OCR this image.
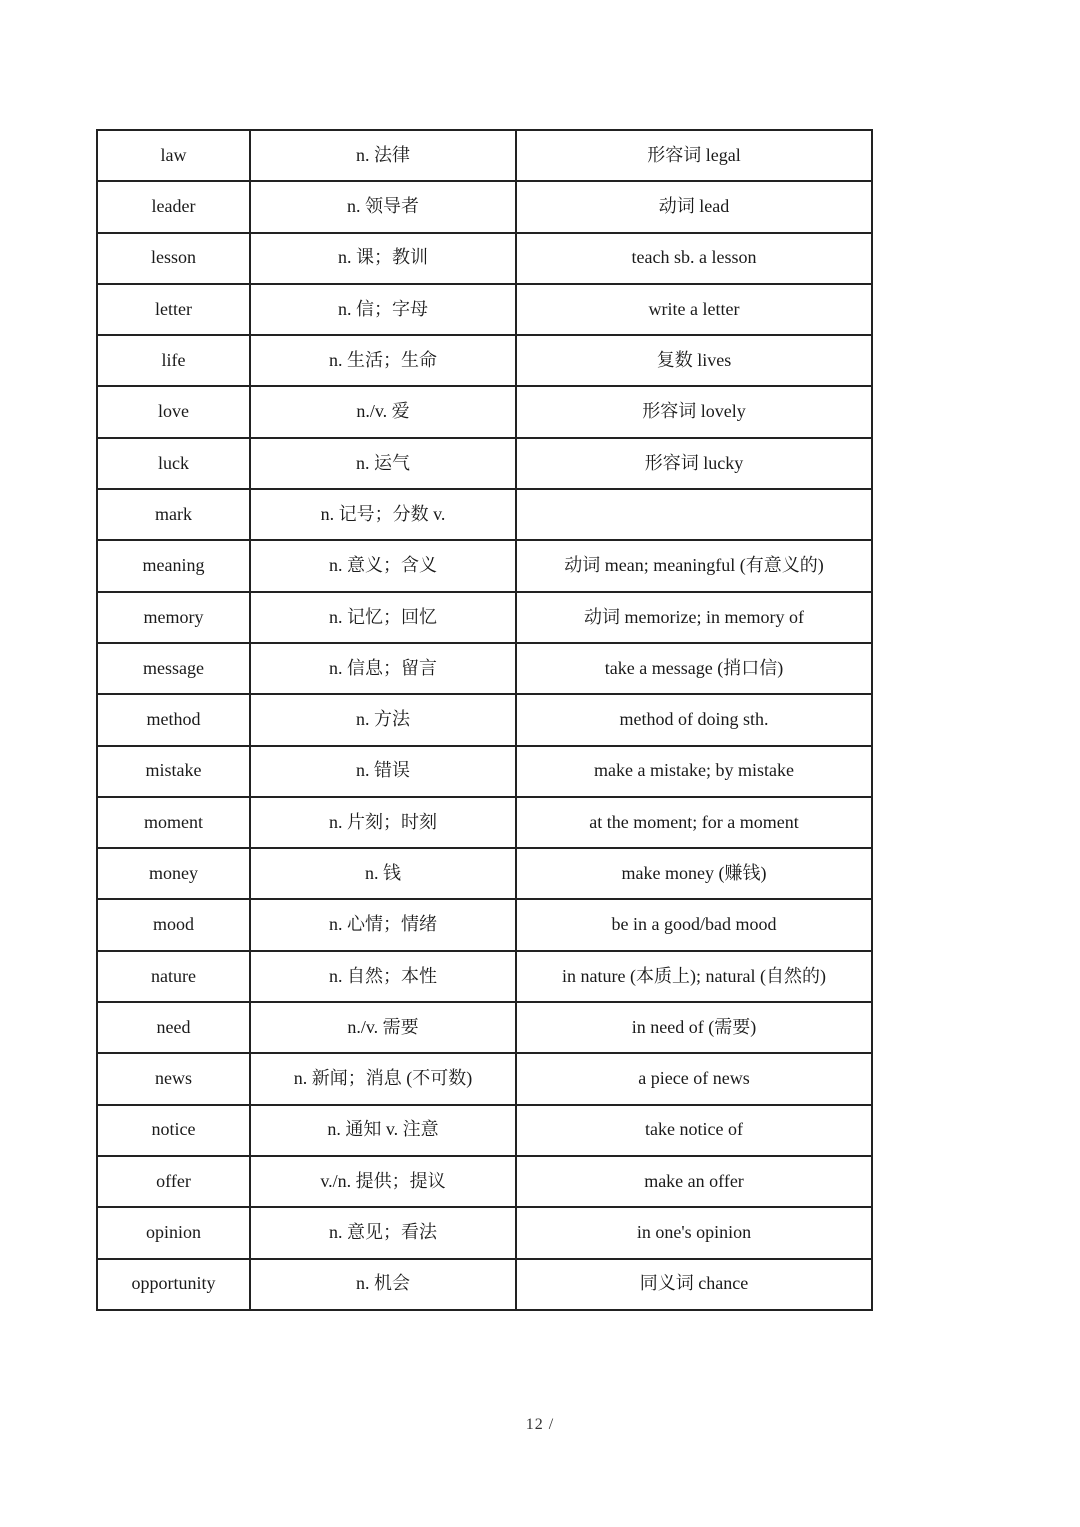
law	n. 法律	形容词 legal
leader	n. 领导者	动词 lead
lesson	n. 课；教训	teach sb. a lesson
letter	n. 信；字母	write a letter
life	n. 生活；生命	复数 lives
love	n./v. 爱	形容词 lovely
luck	n. 运气	形容词 lucky
mark	n. 记号；分数 v.	
meaning	n. 意义；含义	动词 mean; meaningful (有意义的)
memory	n. 记忆；回忆	动词 memorize; in memory of
message	n. 信息；留言	take a message (捎口信)
method	n. 方法	method of doing sth.
mistake	n. 错误	make a mistake; by mistake
moment	n. 片刻；时刻	at the moment; for a moment
money	n. 钱	make money (赚钱)
mood	n. 心情；情绪	be in a good/bad mood
nature	n. 自然；本性	in nature (本质上); natural (自然的)
need	n./v. 需要	in need of (需要)
news	n. 新闻；消息 (不可数)	a piece of news
notice	n. 通知 v. 注意	take notice of
offer	v./n. 提供；提议	make an offer
opinion	n. 意见；看法	in one's opinion
opportunity	n. 机会	同义词 chance
12 /
